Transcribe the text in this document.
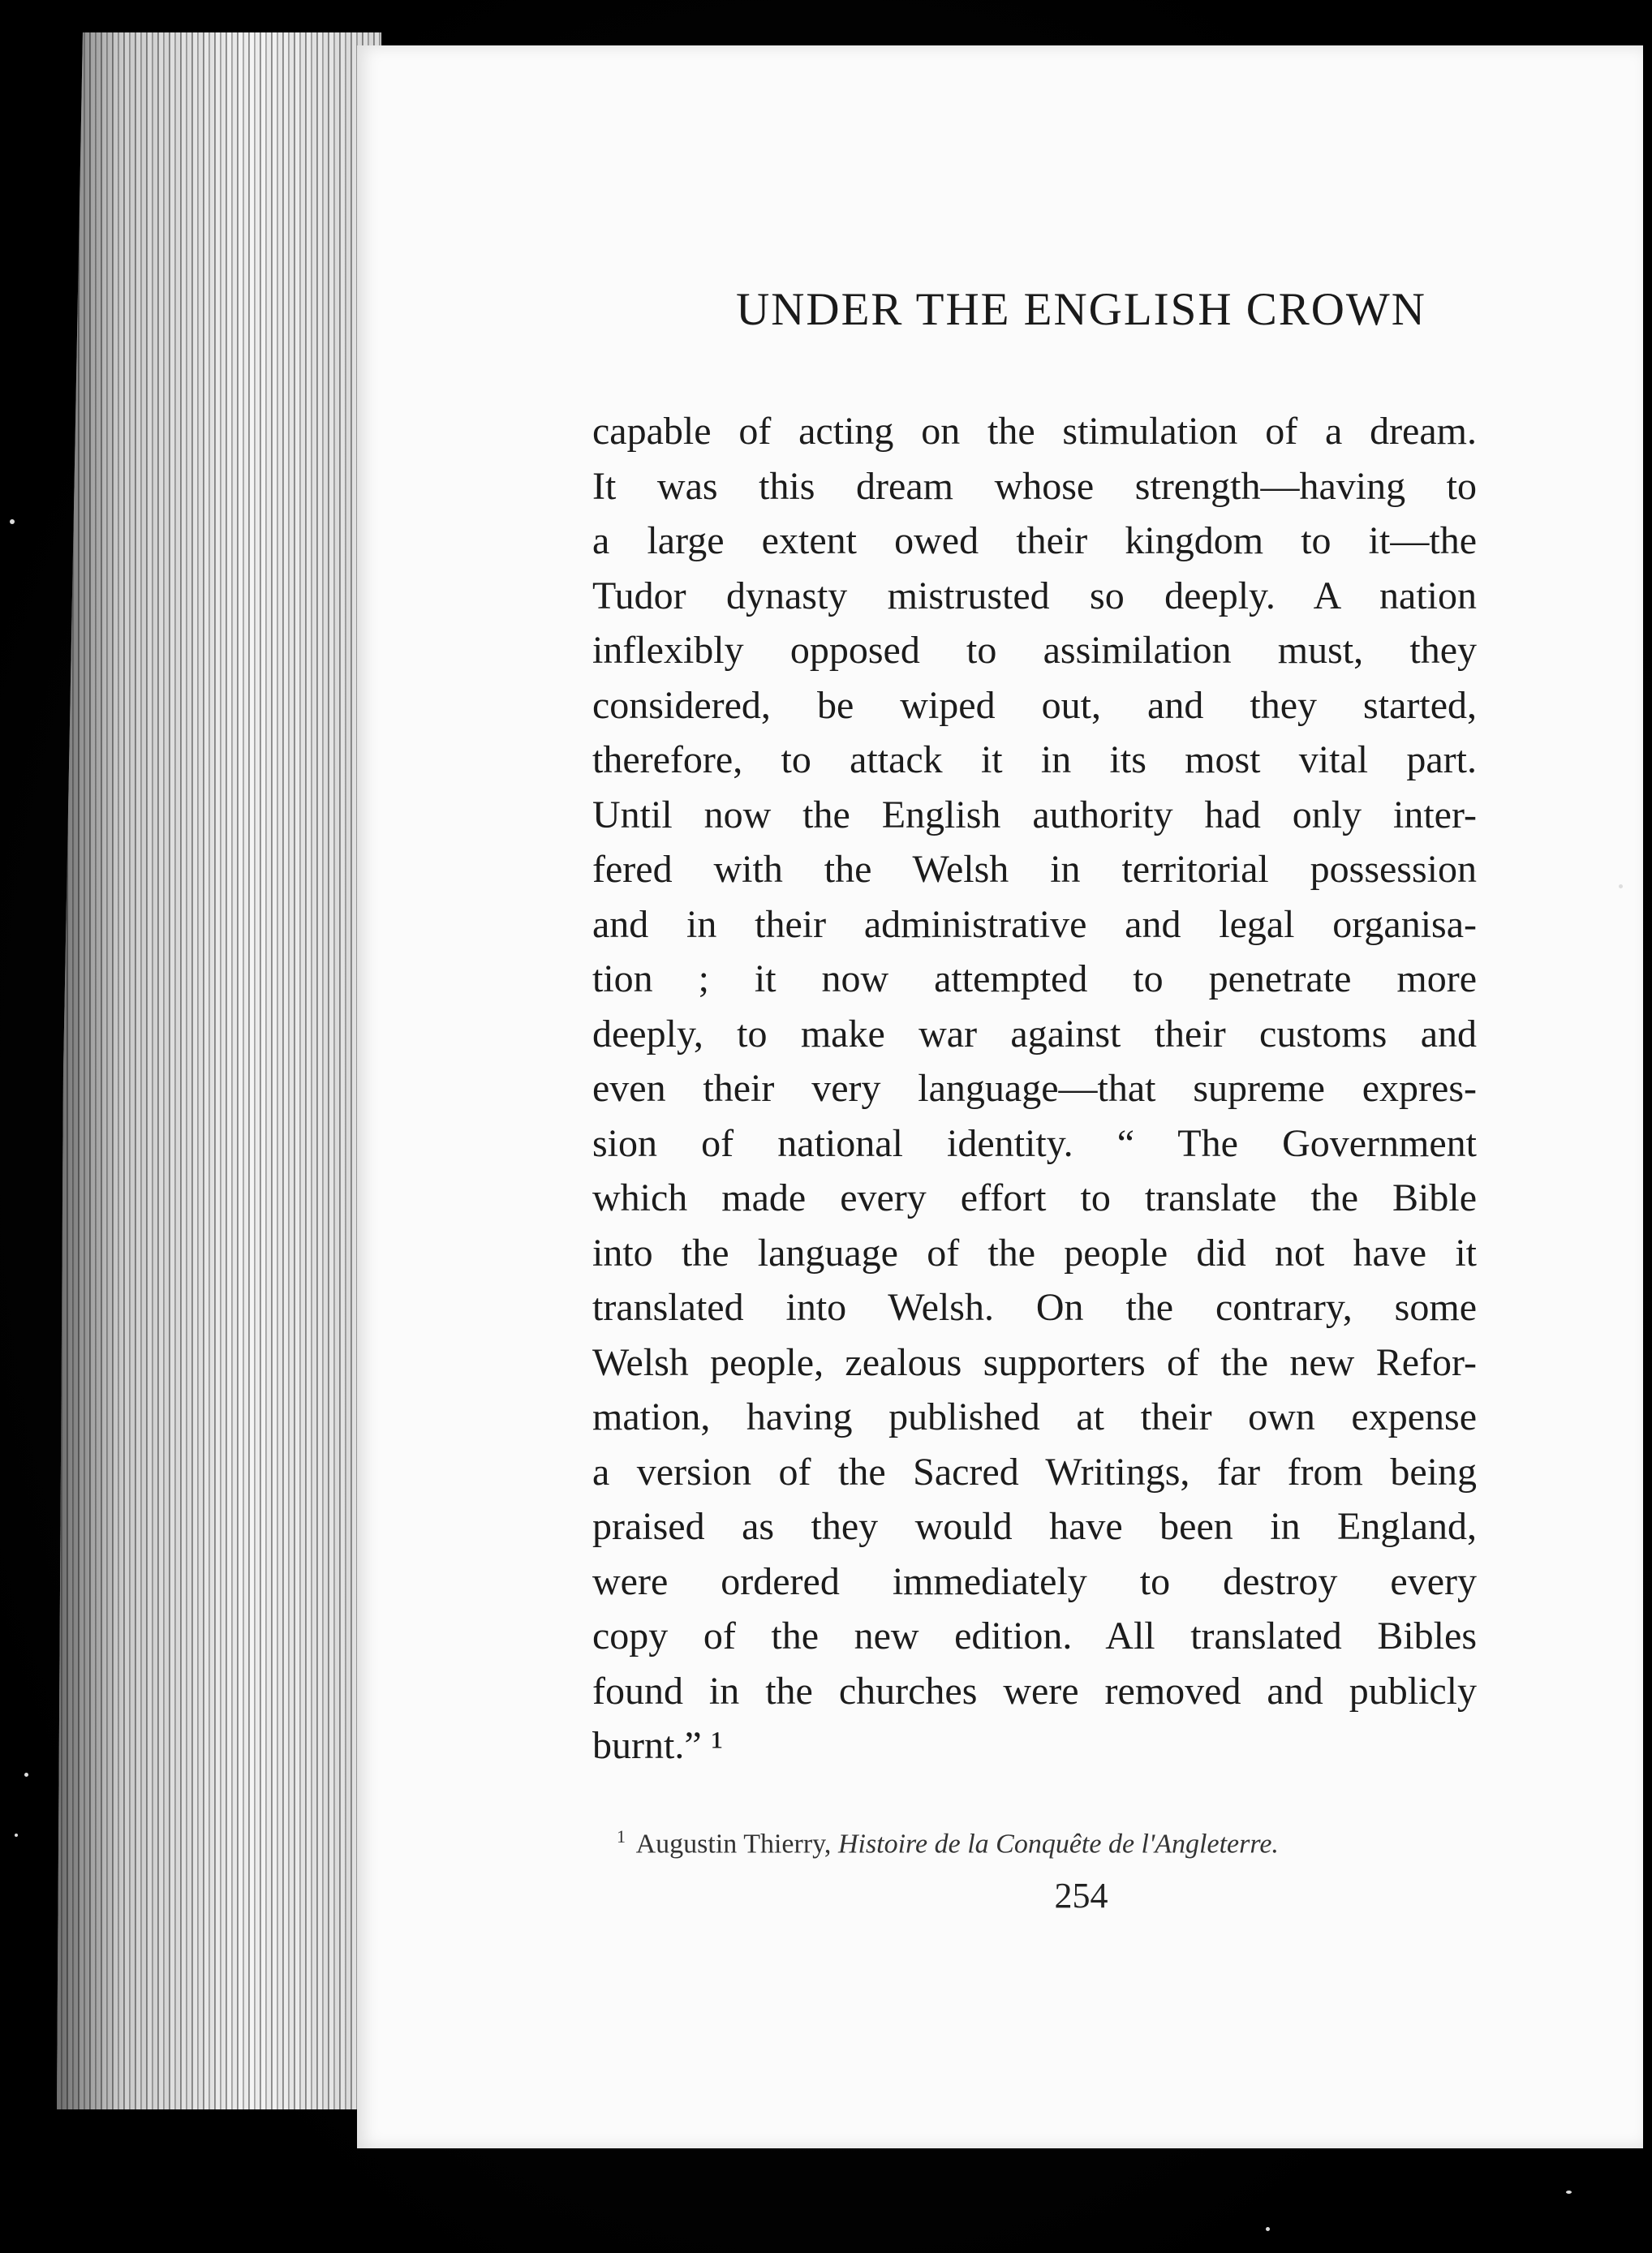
UNDER THE ENGLISH CROWN
capable of acting on the stimulation of a dream.
It was this dream whose strength—having to
a large extent owed their kingdom to it—the
Tudor dynasty mistrusted so deeply. A nation
inflexibly opposed to assimilation must, they
considered, be wiped out, and they started,
therefore, to attack it in its most vital part.
Until now the English authority had only inter-
fered with the Welsh in territorial possession
and in their administrative and legal organisa-
tion ; it now attempted to penetrate more
deeply, to make war against their customs and
even their very language—that supreme expres-
sion of national identity. “ The Government
which made every effort to translate the Bible
into the language of the people did not have it
translated into Welsh. On the contrary, some
Welsh people, zealous supporters of the new Refor-
mation, having published at their own expense
a version of the Sacred Writings, far from being
praised as they would have been in England,
were ordered immediately to destroy every
copy of the new edition. All translated Bibles
found in the churches were removed and publicly
burnt.” ¹
$^1$ Augustin Thierry, Histoire de la Conquête de l'Angleterre.
254
